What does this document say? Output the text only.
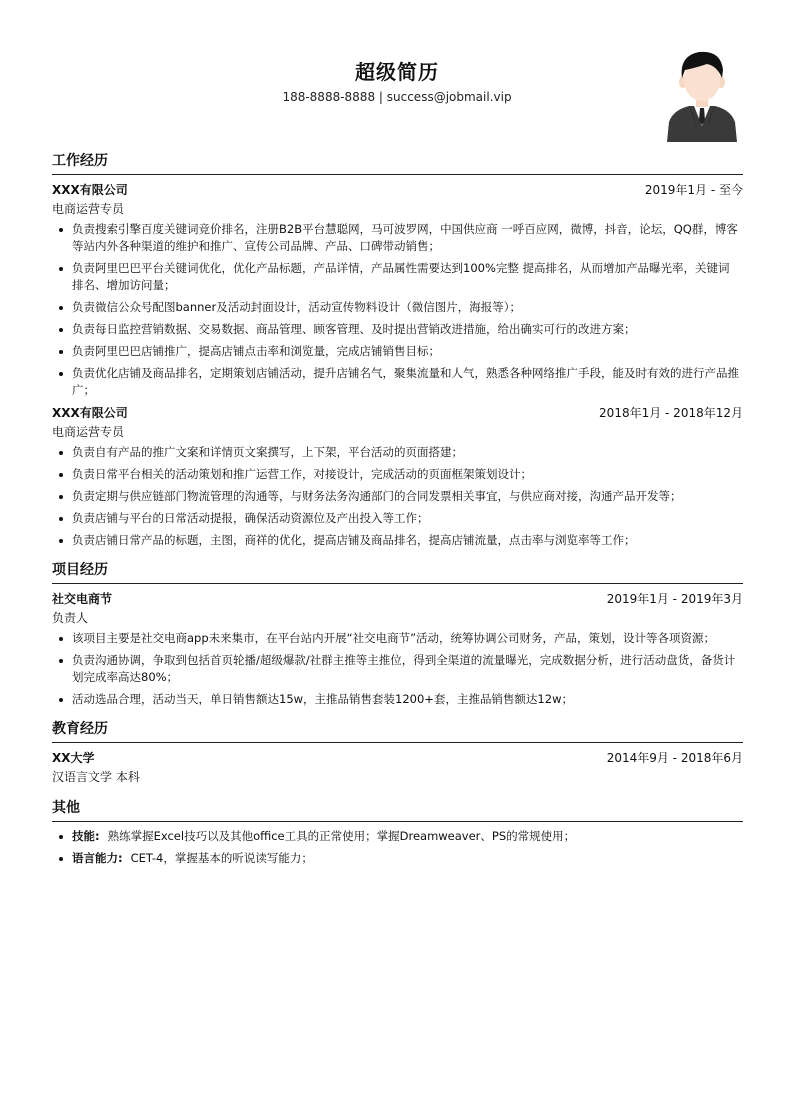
超级简历
188-8888-8888 | success@jobmail.vip
工作经历
XXX有限公司	2019年1月 - 至今
电商运营专员
负责搜索引擎百度关键词竞价排名，注册B2B平台慧聪网，马可波罗网，中国供应商 一呼百应网，微博，抖音，论坛，QQ群，博客等站内外各种渠道的维护和推广、宣传公司品牌、产品、口碑带动销售；
负责阿里巴巴平台关键词优化，优化产品标题，产品详情，产品属性需要达到100%完整 提高排名，从而增加产品曝光率，关键词排名、增加访问量；
负责微信公众号配图banner及活动封面设计，活动宣传物料设计（微信图片，海报等）；
负责每日监控营销数据、交易数据、商品管理、顾客管理、及时提出营销改进措施，给出确实可行的改进方案；
负责阿里巴巴店铺推广，提高店铺点击率和浏览量，完成店铺销售目标；
负责优化店铺及商品排名，定期策划店铺活动，提升店铺名气，聚集流量和人气，熟悉各种网络推广手段，能及时有效的进行产品推广；
XXX有限公司	2018年1月 - 2018年12月
电商运营专员
负责自有产品的推广文案和详情页文案撰写，上下架，平台活动的页面搭建；
负责日常平台相关的活动策划和推广运营工作，对接设计，完成活动的页面框架策划设计；
负责定期与供应链部门物流管理的沟通等，与财务法务沟通部门的合同发票相关事宜，与供应商对接，沟通产品开发等；
负责店铺与平台的日常活动提报，确保活动资源位及产出投入等工作；
负责店铺日常产品的标题，主图，商祥的优化，提高店铺及商品排名，提高店铺流量，点击率与浏览率等工作；
项目经历
社交电商节	2019年1月 - 2019年3月
负责人
该项目主要是社交电商app未来集市，在平台站内开展“社交电商节”活动，统筹协调公司财务，产品，策划，设计等各项资源；
负责沟通协调，争取到包括首页轮播/超级爆款/社群主推等主推位，得到全渠道的流量曝光，完成数据分析，进行活动盘货，备货计划完成率高达80%；
活动选品合理，活动当天，单日销售额达15w，主推品销售套装1200+套，主推品销售额达12w；
教育经历
XX大学	2014年9月 - 2018年6月
汉语言文学 本科
其他
技能: 熟练掌握Excel技巧以及其他office工具的正常使用；掌握Dreamweaver、PS的常规使用；
语言能力: CET-4，掌握基本的听说读写能力；
